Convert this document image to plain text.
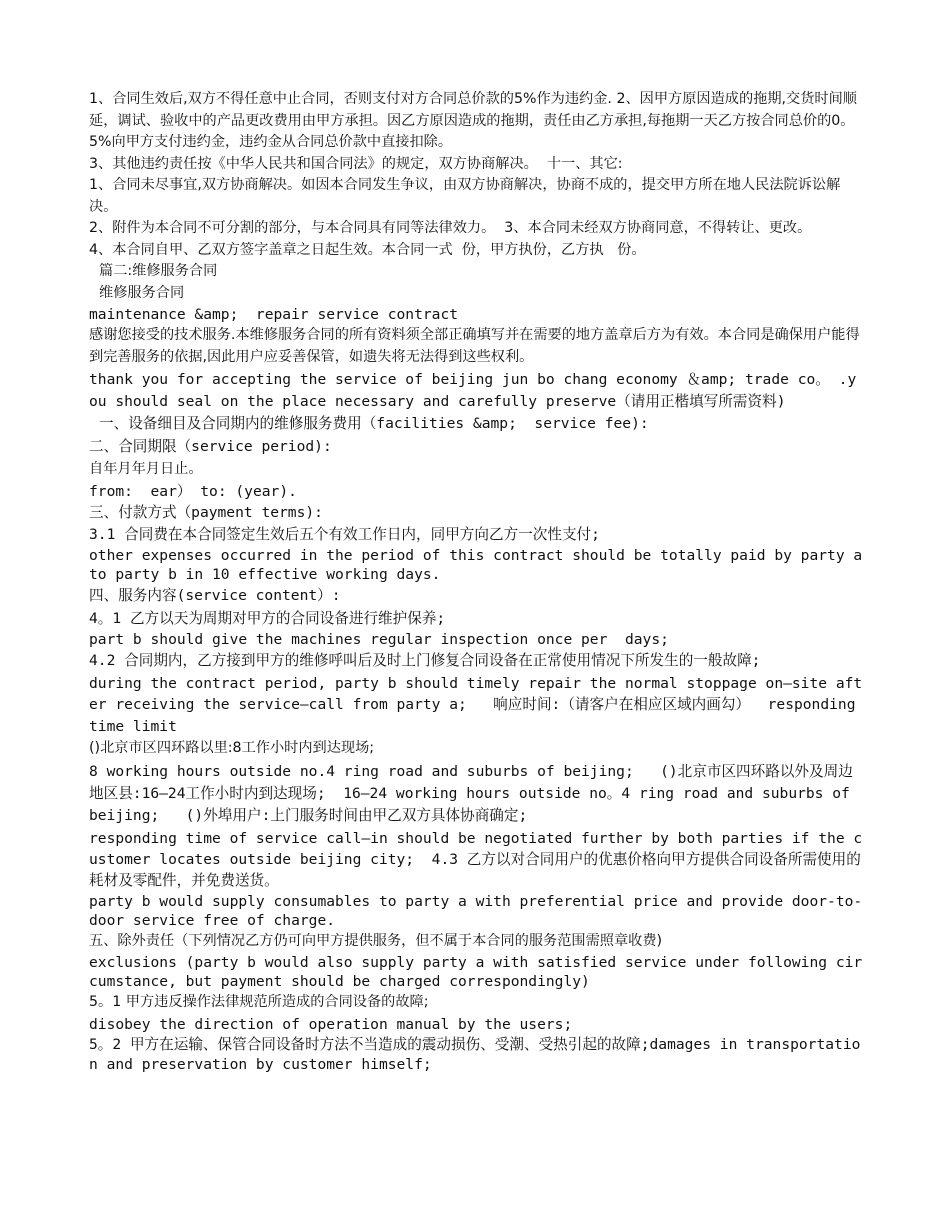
1、合同生效后,双方不得任意中止合同，否则支付对方合同总价款的5%作为违约金. 2、因甲方原因造成的拖期,交货时间顺延，调试、验收中的产品更改费用由甲方承担。因乙方原因造成的拖期，责任由乙方承担,每拖期一天乙方按合同总价的0。5%向甲方支付违约金，违约金从合同总价款中直接扣除。

3、其他违约责任按《中华人民共和国合同法》的规定，双方协商解决。  十一、其它:

1、合同未尽事宜,双方协商解决。如因本合同发生争议，由双方协商解决，协商不成的，提交甲方所在地人民法院诉讼解决。

2、附件为本合同不可分割的部分，与本合同具有同等法律效力。  3、本合同未经双方协商同意，不得转让、更改。

4、本合同自甲、乙双方签字盖章之日起生效。本合同一式  份，甲方执份，乙方执   份。

篇二:维修服务合同

维修服务合同

maintenance &amp;  repair service contract

感谢您接受的技术服务.本维修服务合同的所有资料须全部正确填写并在需要的地方盖章后方为有效。本合同是确保用户能得到完善服务的依据,因此用户应妥善保管，如遗失将无法得到这些权利。

thank you for accepting the service of beijing jun bo chang economy ＆amp; trade co。 .you should seal on the place necessary and carefully preserve（请用正楷填写所需资料)

一、设备细目及合同期内的维修服务费用（facilities &amp;  service fee):

二、合同期限（service period):

自年月年月日止。

from:  ear） to: (year).

三、付款方式（payment terms):

3.1 合同费在本合同签定生效后五个有效工作日内，同甲方向乙方一次性支付;

other expenses occurred in the period of this contract should be totally paid by party a to party b in 10 effective working days.

四、服务内容(service content）:

4。1 乙方以天为周期对甲方的合同设备进行维护保养;

part b should give the machines regular inspection once per  days;

4.2 合同期内，乙方接到甲方的维修呼叫后及时上门修复合同设备在正常使用情况下所发生的一般故障;

during the contract period, party b should timely repair the normal stoppage on—site after receiving the service—call from party a;   响应时间:（请客户在相应区域内画勾）  responding time limit

()北京市区四环路以里:8工作小时内到达现场;

8 working hours outside no.4 ring road and suburbs of beijing;   ()北京市区四环路以外及周边地区县:16—24工作小时内到达现场;  16—24 working hours outside no。4 ring road and suburbs of beijing;   ()外埠用户:上门服务时间由甲乙双方具体协商确定;

responding time of service call—in should be negotiated further by both parties if the customer locates outside beijing city;  4.3 乙方以对合同用户的优惠价格向甲方提供合同设备所需使用的耗材及零配件，并免费送货。

party b would supply consumables to party a with preferential price and provide door-to-door service free of charge.

五、除外责任（下列情况乙方仍可向甲方提供服务，但不属于本合同的服务范围需照章收费)

exclusions (party b would also supply party a with satisfied service under following circumstance, but payment should be charged correspondingly)

5。1 甲方违反操作法律规范所造成的合同设备的故障;

disobey the direction of operation manual by the users;

5。2 甲方在运输、保管合同设备时方法不当造成的震动损伤、受潮、受热引起的故障;damages in transportation and preservation by customer himself;
